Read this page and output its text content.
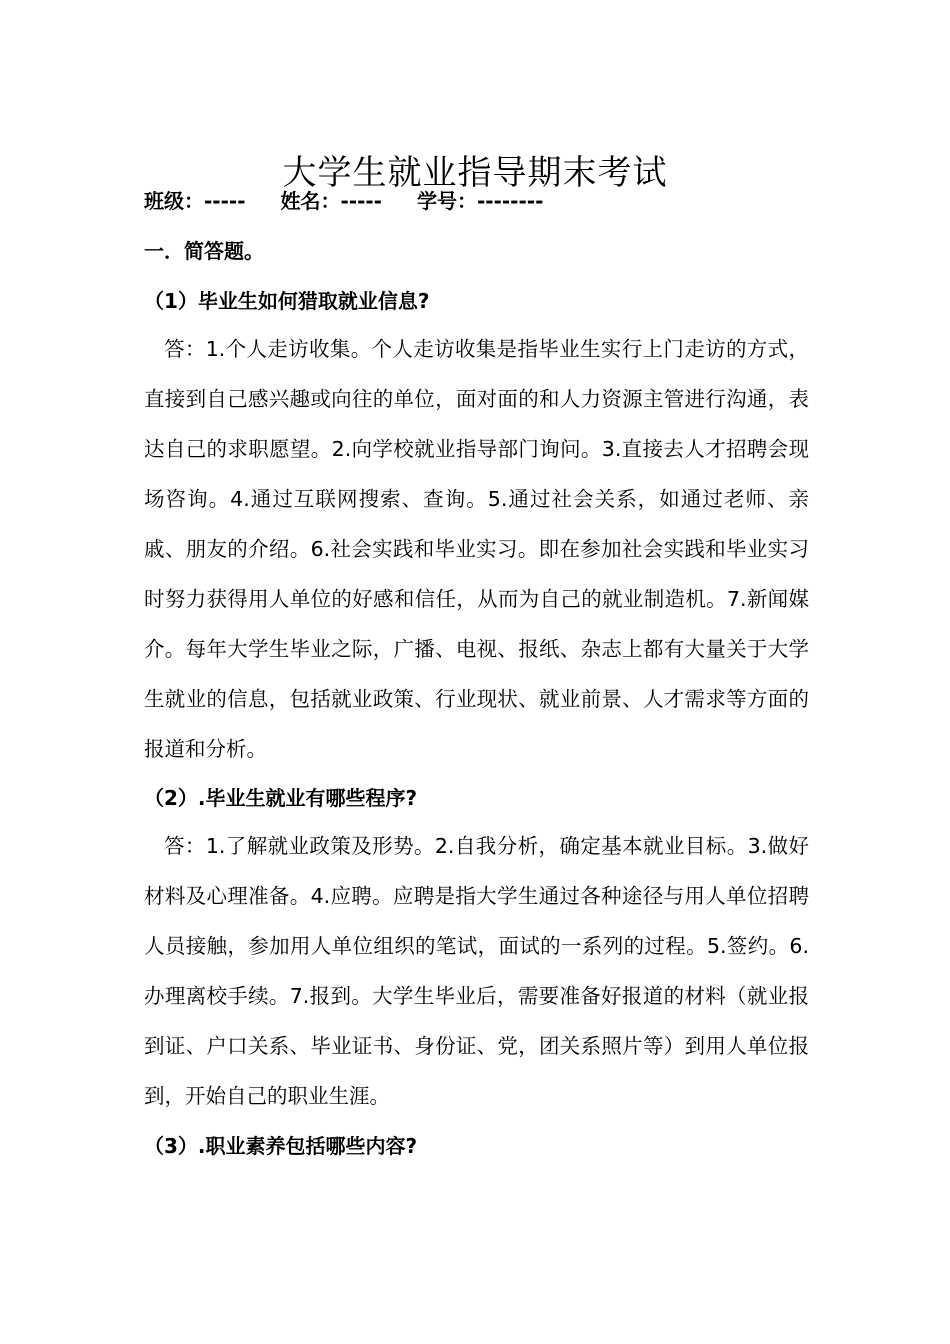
大学生就业指导期末考试
班级：----- 姓名：----- 学号：--------
一．简答题。
（1）毕业生如何猎取就业信息?

答：1.个人走访收集。个人走访收集是指毕业生实行上门走访的方式，直接到自己感兴趣或向往的单位，面对面的和人力资源主管进行沟通，表达自己的求职愿望。2.向学校就业指导部门询问。3.直接去人才招聘会现场咨询。4.通过互联网搜索、查询。5.通过社会关系，如通过老师、亲戚、朋友的介绍。6.社会实践和毕业实习。即在参加社会实践和毕业实习时努力获得用人单位的好感和信任，从而为自己的就业制造机。7.新闻媒介。每年大学生毕业之际，广播、电视、报纸、杂志上都有大量关于大学生就业的信息，包括就业政策、行业现状、就业前景、人才需求等方面的报道和分析。

（2）.毕业生就业有哪些程序?

答：1.了解就业政策及形势。2.自我分析，确定基本就业目标。3.做好材料及心理准备。4.应聘。应聘是指大学生通过各种途径与用人单位招聘人员接触，参加用人单位组织的笔试，面试的一系列的过程。5.签约。6.办理离校手续。7.报到。大学生毕业后，需要准备好报道的材料（就业报到证、户口关系、毕业证书、身份证、党，团关系照片等）到用人单位报到，开始自己的职业生涯。

（3）.职业素养包括哪些内容?
